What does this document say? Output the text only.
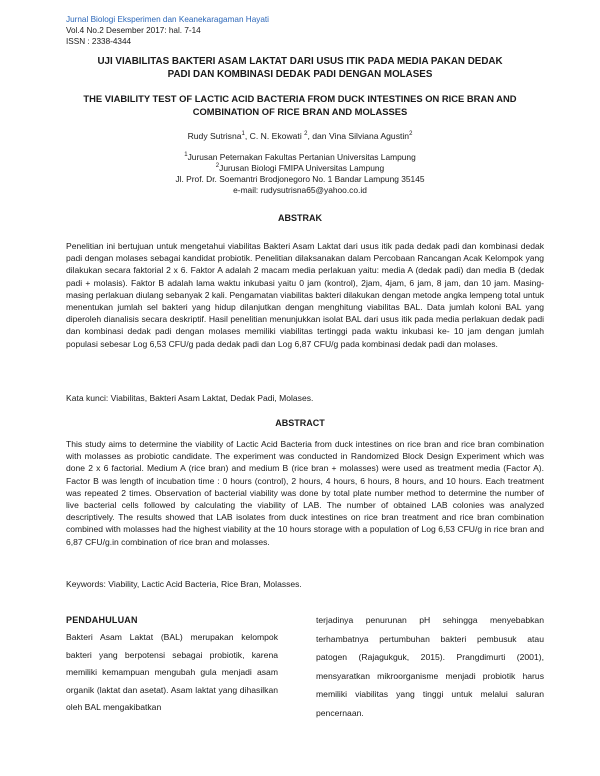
Jurnal Biologi Eksperimen dan Keanekaragaman Hayati
Vol.4 No.2 Desember 2017: hal. 7-14
ISSN : 2338-4344
UJI VIABILITAS BAKTERI ASAM LAKTAT DARI USUS ITIK PADA MEDIA PAKAN DEDAK
PADI DAN KOMBINASI DEDAK PADI DENGAN MOLASES
THE VIABILITY TEST OF LACTIC ACID BACTERIA FROM DUCK INTESTINES ON RICE BRAN AND
COMBINATION OF RICE BRAN AND MOLASSES
Rudy Sutrisna$^1$, C. N. Ekowati $^2$, dan Vina Silviana Agustin$^2$
$^1$Jurusan Peternakan Fakultas Pertanian Universitas Lampung
$^2$Jurusan Biologi FMIPA Universitas Lampung
Jl. Prof. Dr. Soemantri Brodjonegoro No. 1 Bandar Lampung 35145
e-mail: rudysutrisna65@yahoo.co.id
ABSTRAK
Penelitian ini bertujuan untuk mengetahui viabilitas Bakteri Asam Laktat dari usus itik pada dedak padi dan kombinasi dedak padi dengan molases sebagai kandidat probiotik. Penelitian dilaksanakan dalam Percobaan Rancangan Acak Kelompok yang dilakukan secara faktorial 2 x 6. Faktor A adalah 2 macam media perlakuan yaitu: media A (dedak padi) dan media B (dedak padi + molasis). Faktor B adalah lama waktu inkubasi yaitu 0 jam (kontrol), 2jam, 4jam, 6 jam, 8 jam, dan 10 jam. Masing- masing perlakuan diulang sebanyak 2 kali. Pengamatan viabilitas bakteri dilakukan dengan metode angka lempeng total untuk menentukan jumlah sel bakteri yang hidup dilanjutkan dengan menghitung viabilitas BAL. Data jumlah koloni BAL yang diperoleh dianalisis secara deskriptif. Hasil penelitian menunjukkan isolat BAL dari usus itik pada media perlakuan dedak padi dan kombinasi dedak padi dengan molases memiliki viabilitas tertinggi pada waktu inkubasi ke- 10 jam dengan jumlah populasi sebesar Log 6,53 CFU/g pada dedak padi dan Log 6,87 CFU/g pada kombinasi dedak padi dan molases.
Kata kunci: Viabilitas, Bakteri Asam Laktat, Dedak Padi, Molases.
ABSTRACT
This study aims to determine the viability of Lactic Acid Bacteria from duck intestines on rice bran and rice bran combination with molasses as probiotic candidate. The experiment was conducted in Randomized Block Design Experiment which was done 2 x 6 factorial. Medium A (rice bran) and medium B (rice bran + molasses) were used as treatment media (Factor A). Factor B was length of incubation time : 0 hours (control), 2 hours, 4 hours, 6 hours, 8 hours, and 10 hours. Each treatment was repeated 2 times. Observation of bacterial viability was done by total plate number method to determine the number of live bacterial cells followed by calculating the viability of LAB. The number of obtained LAB colonies was analyzed descriptively. The results showed that LAB isolates from duck intestines on rice bran treatment and rice bran combination combined with molasses had the highest viability at the 10 hours storage with a population of Log 6,53 CFU/g in rice bran and 6,87 CFU/g.in combination of rice bran and molasses.
Keywords: Viability, Lactic Acid Bacteria, Rice Bran, Molasses.
PENDAHULUAN
Bakteri Asam Laktat (BAL) merupakan kelompok bakteri yang berpotensi sebagai probiotik, karena memiliki kemampuan mengubah gula menjadi asam organik (laktat dan asetat). Asam laktat yang dihasilkan oleh BAL mengakibatkan
terjadinya penurunan pH sehingga menyebabkan terhambatnya pertumbuhan bakteri pembusuk atau patogen (Rajagukguk, 2015). Prangdimurti (2001), mensyaratkan mikroorganisme menjadi probiotik harus memiliki viabilitas yang tinggi untuk melalui saluran pencernaan.
